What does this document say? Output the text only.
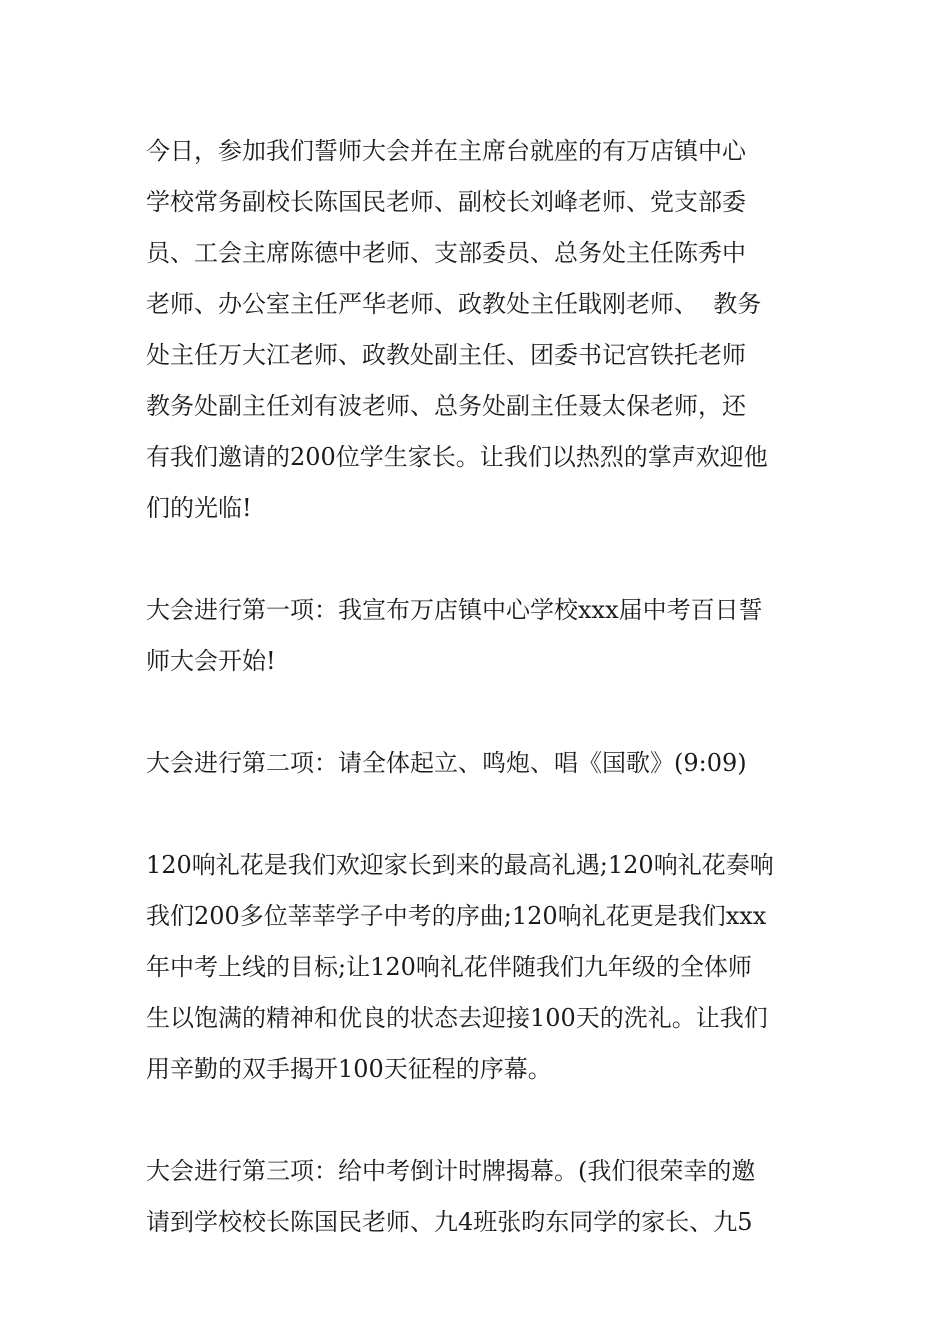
今日，参加我们誓师大会并在主席台就座的有万店镇中心
学校常务副校长陈国民老师、副校长刘峰老师、党支部委
员、工会主席陈德中老师、支部委员、总务处主任陈秀中
老师、办公室主任严华老师、政教处主任戢刚老师、  教务
处主任万大江老师、政教处副主任、团委书记宫铁托老师
教务处副主任刘有波老师、总务处副主任聂太保老师，还
有我们邀请的200位学生家长。让我们以热烈的掌声欢迎他
们的光临!
大会进行第一项：我宣布万店镇中心学校xxx届中考百日誓
师大会开始!
大会进行第二项：请全体起立、鸣炮、唱《国歌》(9:09)
120响礼花是我们欢迎家长到来的最高礼遇;120响礼花奏响
我们200多位莘莘学子中考的序曲;120响礼花更是我们xxx
年中考上线的目标;让120响礼花伴随我们九年级的全体师
生以饱满的精神和优良的状态去迎接100天的洗礼。让我们
用辛勤的双手揭开100天征程的序幕。
大会进行第三项：给中考倒计时牌揭幕。(我们很荣幸的邀
请到学校校长陈国民老师、九4班张昀东同学的家长、九5
